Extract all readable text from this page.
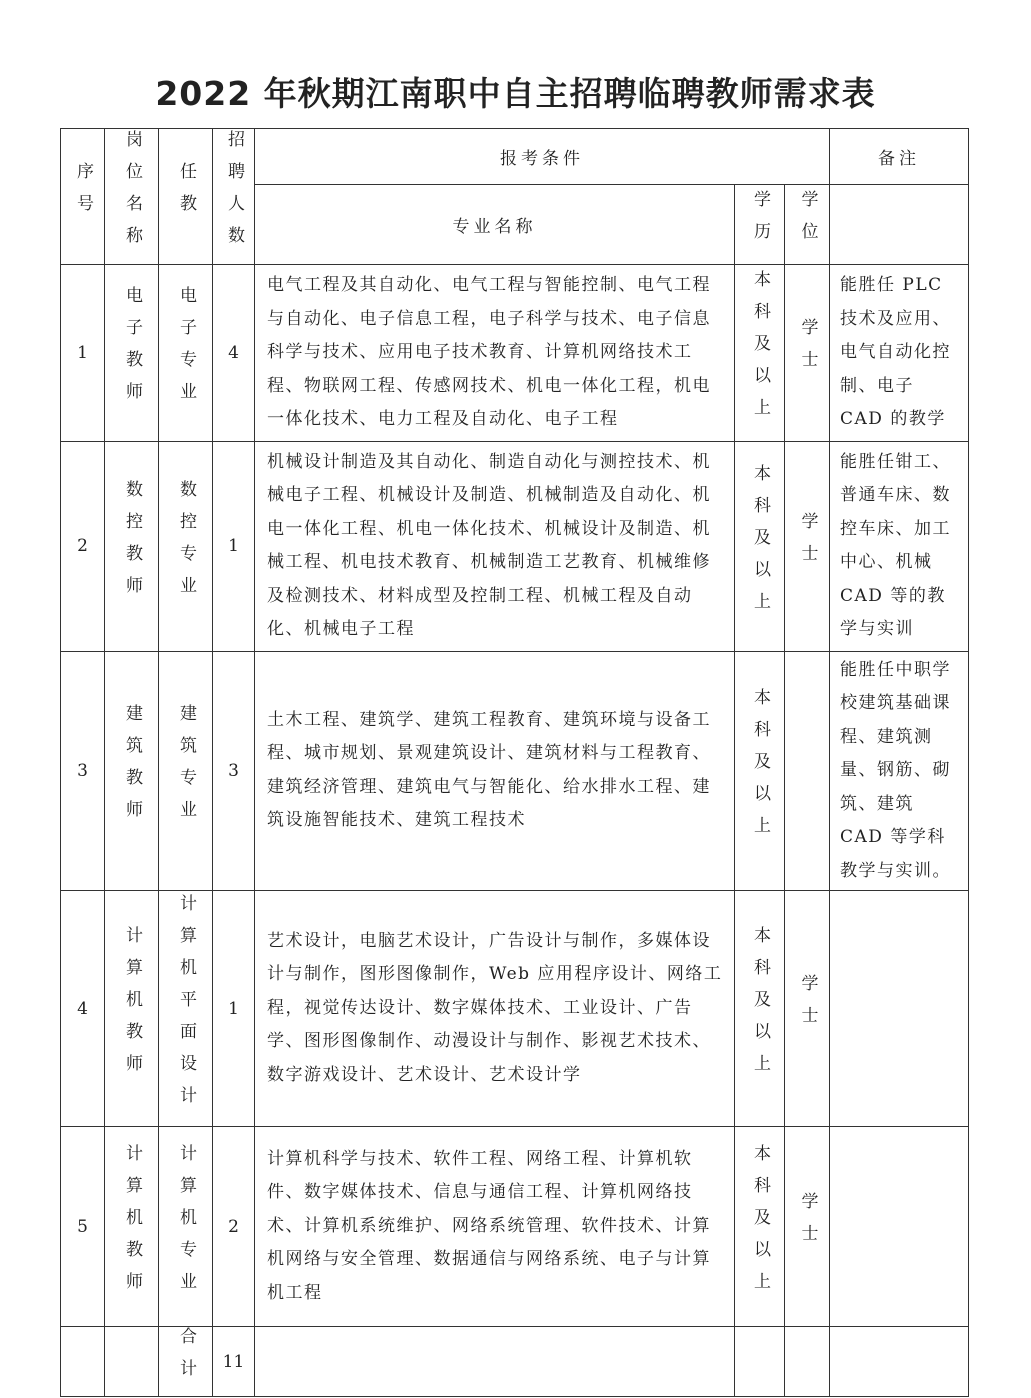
2022 年秋期江南职中自主招聘临聘教师需求表
序号	岗位名称	任教	招聘人数	报考条件			备注
				专业名称	学历	学位	
1	电子教师	电子专业	4	电气工程及其自动化、电气工程与智能控制、电气工程与自动化、电子信息工程，电子科学与技术、电子信息科学与技术、应用电子技术教育、计算机网络技术工程、物联网工程、传感网技术、机电一体化工程，机电一体化技术、电力工程及自动化、电子工程	本科及以上	学士	能胜任 PLC 技术及应用、电气自动化控制、电子 CAD 的教学
2	数控教师	数控专业	1	机械设计制造及其自动化、制造自动化与测控技术、机械电子工程、机械设计及制造、机械制造及自动化、机电一体化工程、机电一体化技术、机械设计及制造、机械工程、机电技术教育、机械制造工艺教育、机械维修及检测技术、材料成型及控制工程、机械工程及自动化、机械电子工程	本科及以上	学士	能胜任钳工、普通车床、数控车床、加工中心、机械 CAD 等的教学与实训
3	建筑教师	建筑专业	3	土木工程、建筑学、建筑工程教育、建筑环境与设备工程、城市规划、景观建筑设计、建筑材料与工程教育、建筑经济管理、建筑电气与智能化、给水排水工程、建筑设施智能技术、建筑工程技术	本科及以上		能胜任中职学校建筑基础课程、建筑测量、钢筋、砌筑、建筑 CAD 等学科教学与实训。
4	计算机教师	计算机平面设计	1	艺术设计，电脑艺术设计，广告设计与制作，多媒体设计与制作，图形图像制作，Web 应用程序设计、网络工程，视觉传达设计、数字媒体技术、工业设计、广告学、图形图像制作、动漫设计与制作、影视艺术技术、数字游戏设计、艺术设计、艺术设计学	本科及以上	学士	
5	计算机教师	计算机专业	2	计算机科学与技术、软件工程、网络工程、计算机软件、数字媒体技术、信息与通信工程、计算机网络技术、计算机系统维护、网络系统管理、软件技术、计算机网络与安全管理、数据通信与网络系统、电子与计算机工程	本科及以上	学士	
		合计	11				
